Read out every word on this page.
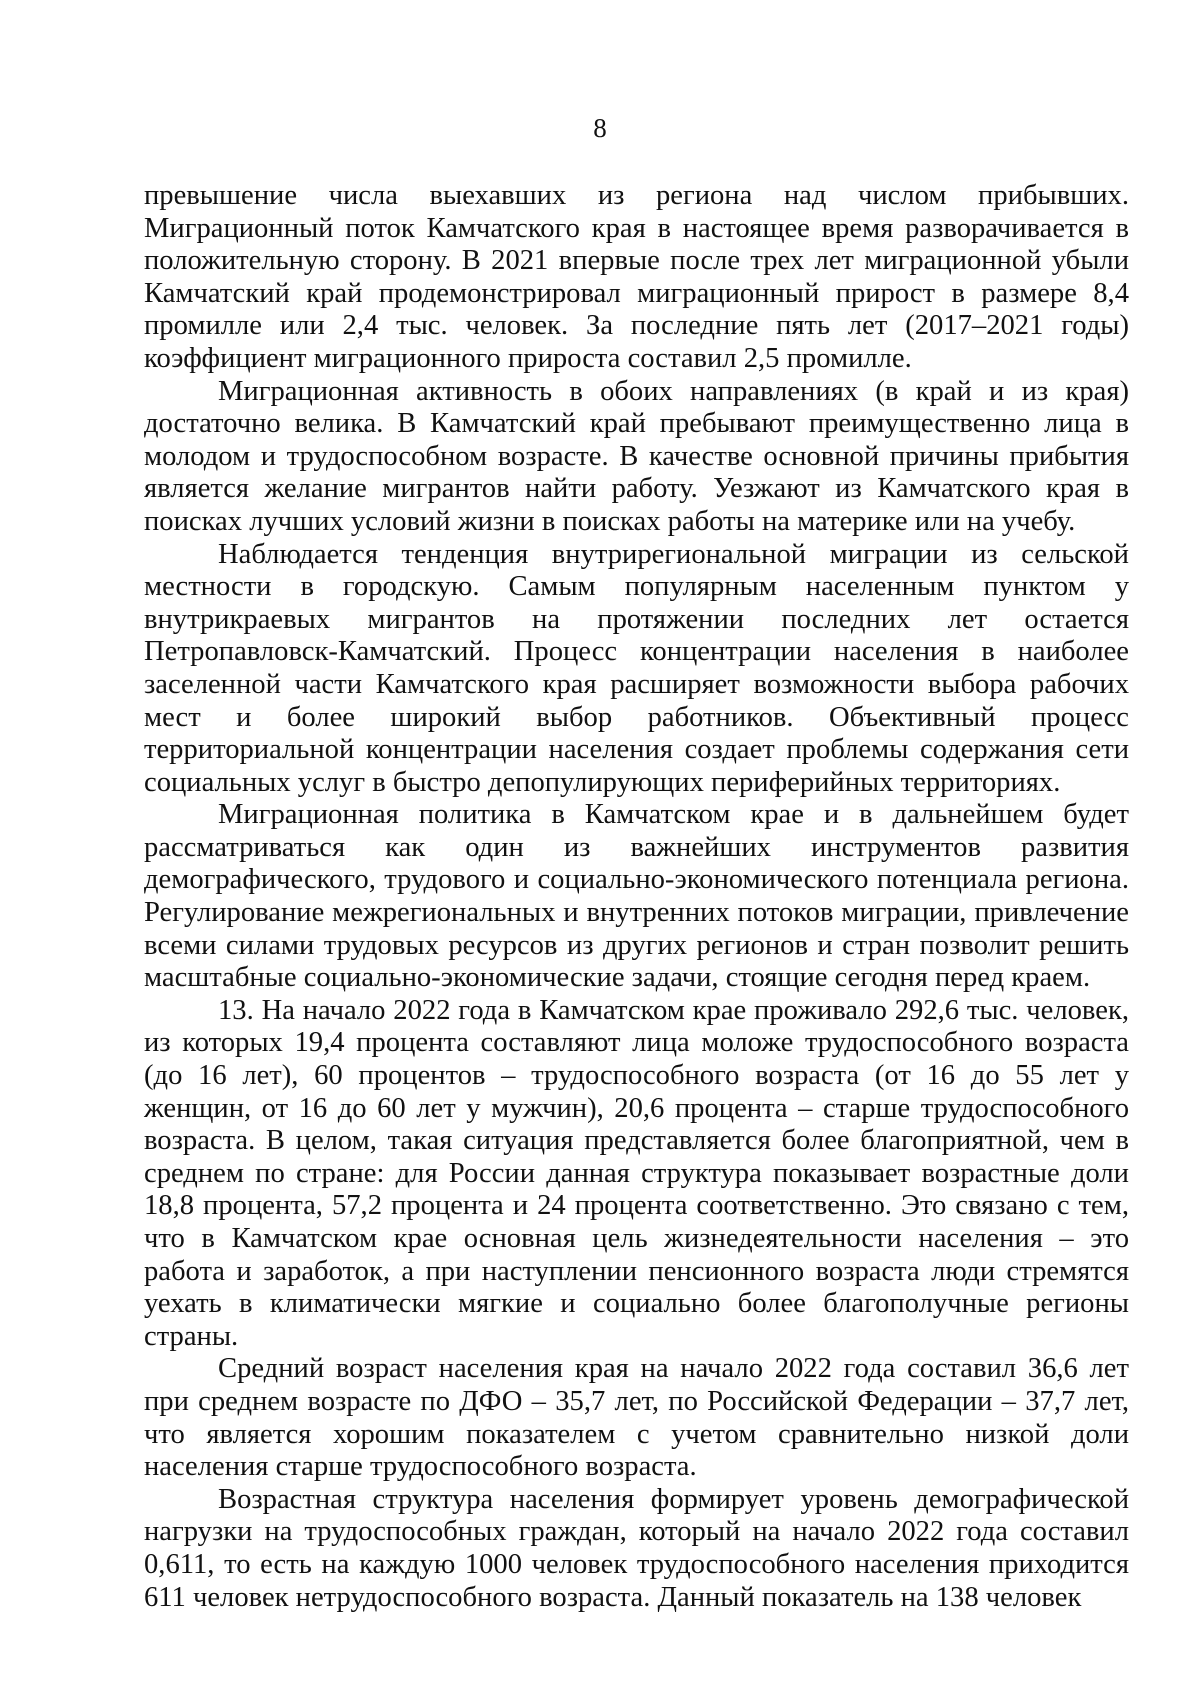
8

превышение числа выехавших из региона над числом прибывших. Миграционный поток Камчатского края в настоящее время разворачивается в положительную сторону. В 2021 впервые после трех лет миграционной убыли Камчатский край продемонстрировал миграционный прирост в размере 8,4 промилле или 2,4 тыс. человек. За последние пять лет (2017–2021 годы) коэффициент миграционного прироста составил 2,5 промилле.

Миграционная активность в обоих направлениях (в край и из края) достаточно велика. В Камчатский край пребывают преимущественно лица в молодом и трудоспособном возрасте. В качестве основной причины прибытия является желание мигрантов найти работу. Уезжают из Камчатского края в поисках лучших условий жизни в поисках работы на материке или на учебу.

Наблюдается тенденция внутрирегиональной миграции из сельской местности в городскую. Самым популярным населенным пунктом у внутрикраевых мигрантов на протяжении последних лет остается Петропавловск-Камчатский. Процесс концентрации населения в наиболее заселенной части Камчатского края расширяет возможности выбора рабочих мест и более широкий выбор работников. Объективный процесс территориальной концентрации населения создает проблемы содержания сети социальных услуг в быстро депопулирующих периферийных территориях.

Миграционная политика в Камчатском крае и в дальнейшем будет рассматриваться как один из важнейших инструментов развития демографического, трудового и социально-экономического потенциала региона. Регулирование межрегиональных и внутренних потоков миграции, привлечение всеми силами трудовых ресурсов из других регионов и стран позволит решить масштабные социально-экономические задачи, стоящие сегодня перед краем.

13. На начало 2022 года в Камчатском крае проживало 292,6 тыс. человек, из которых 19,4 процента составляют лица моложе трудоспособного возраста (до 16 лет), 60 процентов – трудоспособного возраста (от 16 до 55 лет у женщин, от 16 до 60 лет у мужчин), 20,6 процента – старше трудоспособного возраста. В целом, такая ситуация представляется более благоприятной, чем в среднем по стране: для России данная структура показывает возрастные доли 18,8 процента, 57,2 процента и 24 процента соответственно. Это связано с тем, что в Камчатском крае основная цель жизнедеятельности населения – это работа и заработок, а при наступлении пенсионного возраста люди стремятся уехать в климатически мягкие и социально более благополучные регионы страны.

Средний возраст населения края на начало 2022 года составил 36,6 лет при среднем возрасте по ДФО – 35,7 лет, по Российской Федерации – 37,7 лет, что является хорошим показателем с учетом сравнительно низкой доли населения старше трудоспособного возраста.

Возрастная структура населения формирует уровень демографической нагрузки на трудоспособных граждан, который на начало 2022 года составил 0,611, то есть на каждую 1000 человек трудоспособного населения приходится 611 человек нетрудоспособного возраста. Данный показатель на 138 человек
